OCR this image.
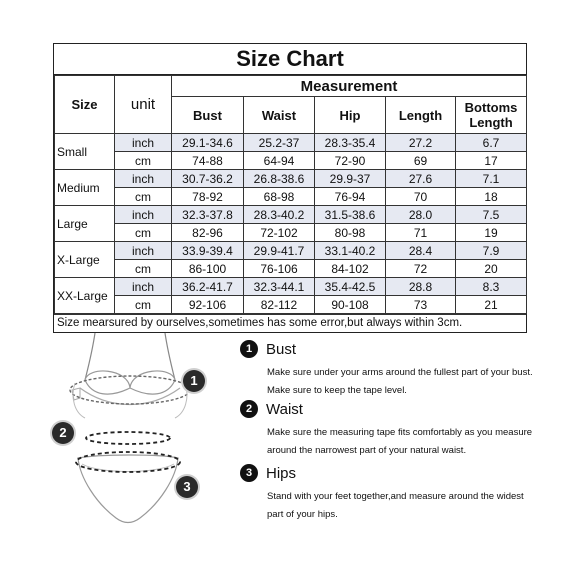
Size Chart
Size	unit	Measurement				
		Bust	Waist	Hip	Length	Bottoms Length
Small	inch	29.1-34.6	25.2-37	28.3-35.4	27.2	6.7
	cm	74-88	64-94	72-90	69	17
Medium	inch	30.7-36.2	26.8-38.6	29.9-37	27.6	7.1
	cm	78-92	68-98	76-94	70	18
Large	inch	32.3-37.8	28.3-40.2	31.5-38.6	28.0	7.5
	cm	82-96	72-102	80-98	71	19
X-Large	inch	33.9-39.4	29.9-41.7	33.1-40.2	28.4	7.9
	cm	86-100	76-106	84-102	72	20
XX-Large	inch	36.2-41.7	32.3-44.1	35.4-42.5	28.8	8.3
	cm	92-106	82-112	90-108	73	21
Size mearsured by ourselves,sometimes has some error,but always within 3cm.
1
2
3
1 Bust
Make sure under your arms around the fullest part of your bust. Make sure to keep the tape level.
2 Waist
Make sure the measuring tape fits comfortably as you measure around the narrowest part of your natural waist.
3 Hips
Stand with your feet together,and measure around the widest part of your hips.
